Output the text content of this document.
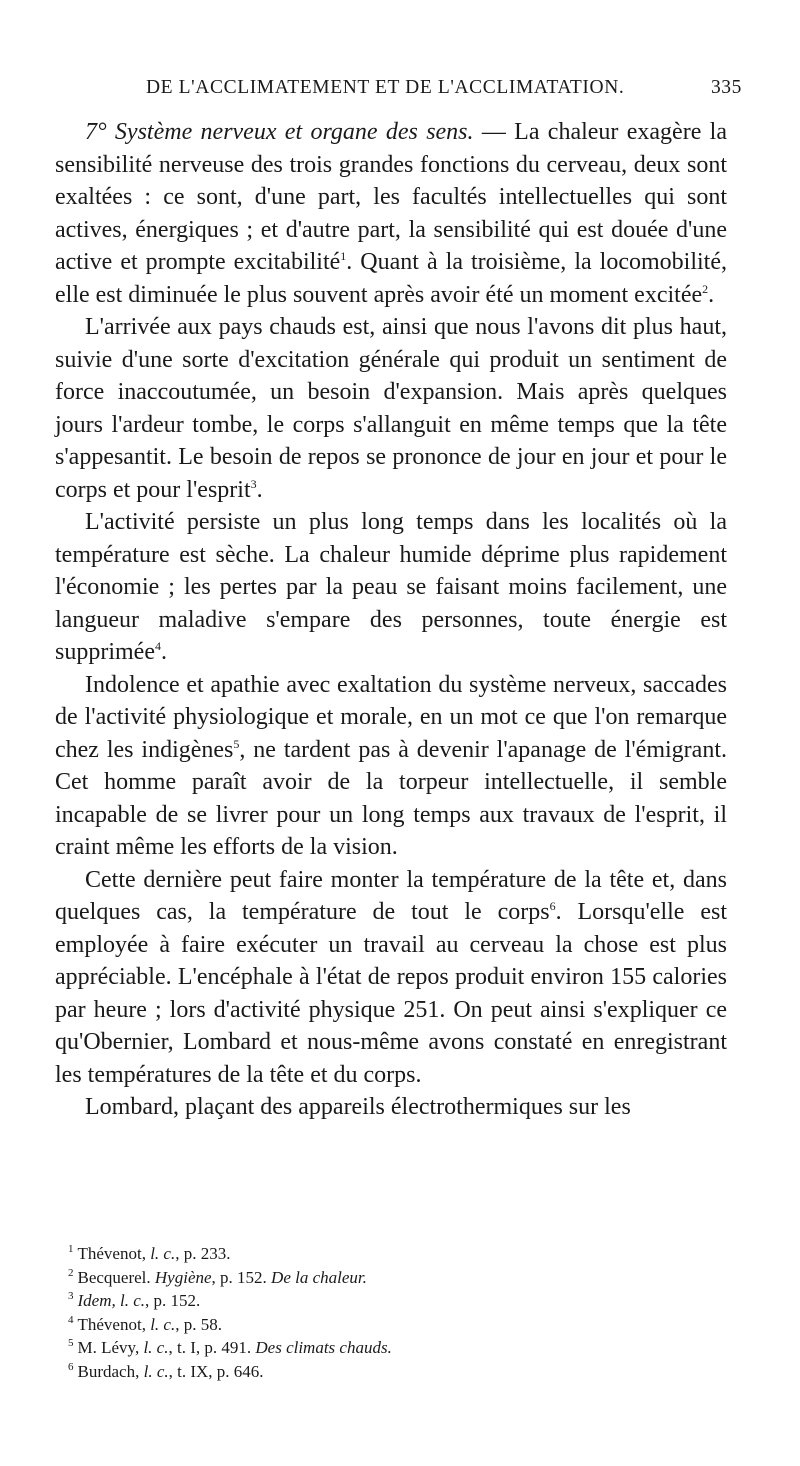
DE L'ACCLIMATEMENT ET DE L'ACCLIMATATION.	335

7° Système nerveux et organe des sens. — La chaleur exagère la sensibilité nerveuse des trois grandes fonctions du cerveau, deux sont exaltées : ce sont, d'une part, les facultés intellectuelles qui sont actives, énergiques ; et d'autre part, la sensibilité qui est douée d'une active et prompte excitabilité$^1$. Quant à la troisième, la locomobilité, elle est diminuée le plus souvent après avoir été un moment excitée$^2$.

L'arrivée aux pays chauds est, ainsi que nous l'avons dit plus haut, suivie d'une sorte d'excitation générale qui produit un sentiment de force inaccoutumée, un besoin d'expansion. Mais après quelques jours l'ardeur tombe, le corps s'allanguit en même temps que la tête s'appesantit. Le besoin de repos se prononce de jour en jour et pour le corps et pour l'esprit$^3$.

L'activité persiste un plus long temps dans les localités où la température est sèche. La chaleur humide déprime plus rapidement l'économie ; les pertes par la peau se faisant moins facilement, une langueur maladive s'empare des personnes, toute énergie est supprimée$^4$.

Indolence et apathie avec exaltation du système nerveux, saccades de l'activité physiologique et morale, en un mot ce que l'on remarque chez les indigènes$^5$, ne tardent pas à devenir l'apanage de l'émigrant. Cet homme paraît avoir de la torpeur intellectuelle, il semble incapable de se livrer pour un long temps aux travaux de l'esprit, il craint même les efforts de la vision.

Cette dernière peut faire monter la température de la tête et, dans quelques cas, la température de tout le corps$^6$. Lorsqu'elle est employée à faire exécuter un travail au cerveau la chose est plus appréciable. L'encéphale à l'état de repos produit environ 155 calories par heure ; lors d'activité physique 251. On peut ainsi s'expliquer ce qu'Obernier, Lombard et nous-même avons constaté en enregistrant les températures de la tête et du corps.

Lombard, plaçant des appareils électrothermiques sur les

$^1$ Thévenot, l. c., p. 233.
$^2$ Becquerel. Hygiène, p. 152. De la chaleur.
$^3$ Idem, l. c., p. 152.
$^4$ Thévenot, l. c., p. 58.
$^5$ M. Lévy, l. c., t. I, p. 491. Des climats chauds.
$^6$ Burdach, l. c., t. IX, p. 646.
